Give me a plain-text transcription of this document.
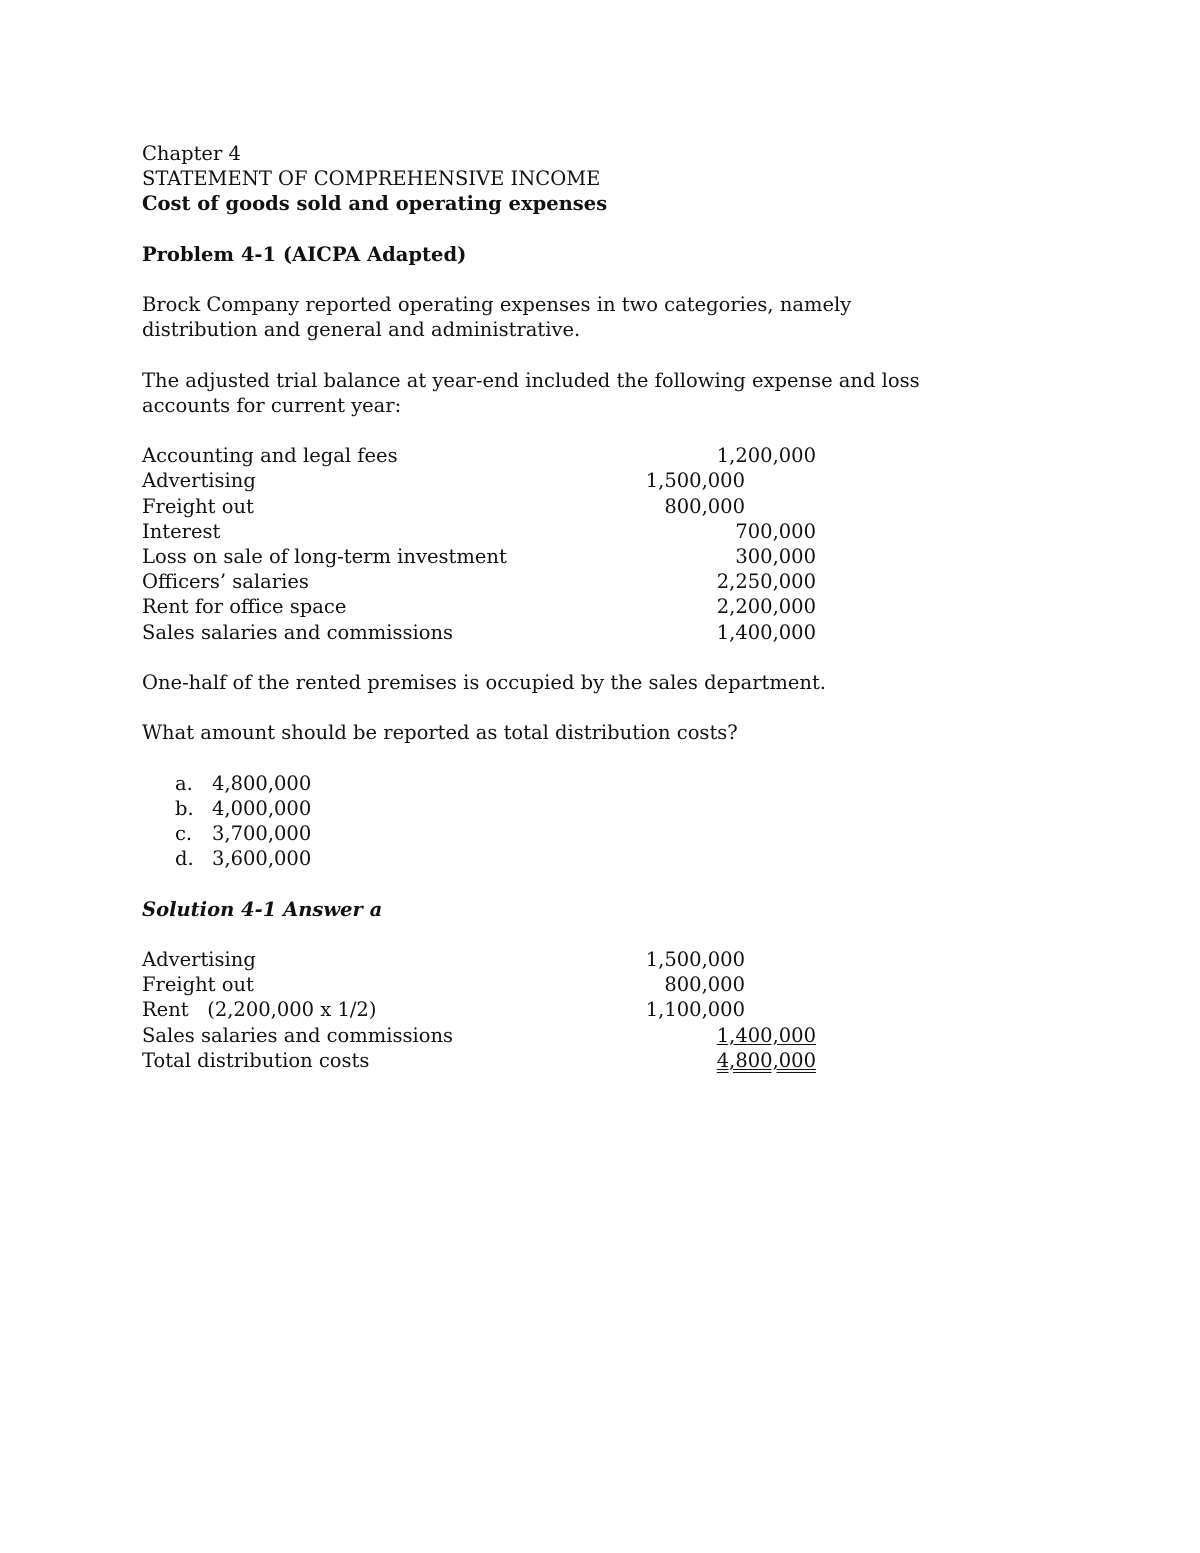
Chapter 4
STATEMENT OF COMPREHENSIVE INCOME
Cost of goods sold and operating expenses
Problem 4-1 (AICPA Adapted)
Brock Company reported operating expenses in two categories, namely
distribution and general and administrative.
The adjusted trial balance at year-end included the following expense and loss
accounts for current year:
Accounting and legal fees	1,200,000
Advertising	1,500,000
Freight out	800,000
Interest	700,000
Loss on sale of long-term investment	300,000
Officers’ salaries	2,250,000
Rent for office space	2,200,000
Sales salaries and commissions	1,400,000
One-half of the rented premises is occupied by the sales department.
What amount should be reported as total distribution costs?
a. 4,800,000
b. 4,000,000
c. 3,700,000
d. 3,600,000
Solution 4-1 Answer a
Advertising	1,500,000
Freight out	800,000
Rent   (2,200,000 x 1/2)	1,100,000
Sales salaries and commissions	1,400,000
Total distribution costs	4,800,000
